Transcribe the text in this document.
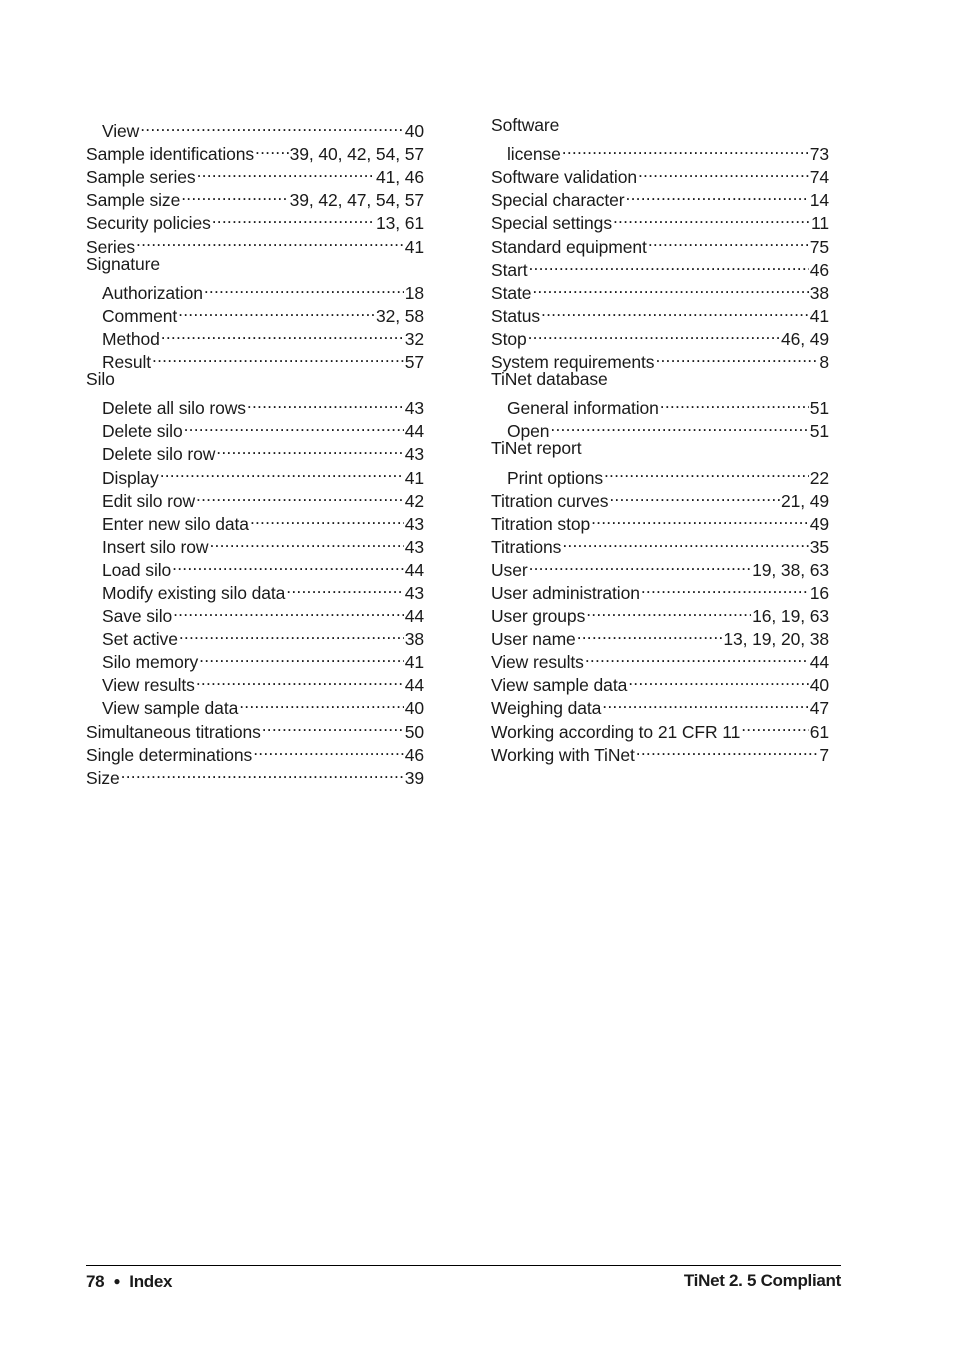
View .....	40
Sample identifications ..... 39, 40, 42, 54, 57
Sample series .....	41, 46
Sample size .....	39, 42, 47, 54, 57
Security policies .....	13, 61
Series .....	41
Signature
Authorization .....	18
Comment .....	32, 58
Method .....	32
Result .....	57
Silo
Delete all silo rows .....	43
Delete silo .....	44
Delete silo row .....	43
Display .....	41
Edit silo row .....	42
Enter new silo data .....	43
Insert silo row .....	43
Load silo .....	44
Modify existing silo data .....	43
Save silo .....	44
Set active .....	38
Silo memory .....	41
View results .....	44
View sample data .....	40
Simultaneous titrations .....	50
Single determinations .....	46
Size .....	39
Software
license .....	73
Software validation .....	74
Special character .....	14
Special settings .....	11
Standard equipment .....	75
Start .....	46
State .....	38
Status .....	41
Stop .....	46, 49
System requirements .....	8
TiNet database
General information .....	51
Open .....	51
TiNet report
Print options .....	22
Titration curves .....	21, 49
Titration stop .....	49
Titrations .....	35
User .....	19, 38, 63
User administration .....	16
User groups .....	16, 19, 63
User name .....	13, 19, 20, 38
View results .....	44
View sample data .....	40
Weighing data .....	47
Working according to 21 CFR 11 .....	61
Working with TiNet .....	7
78 ● Index	TiNet 2. 5 Compliant
